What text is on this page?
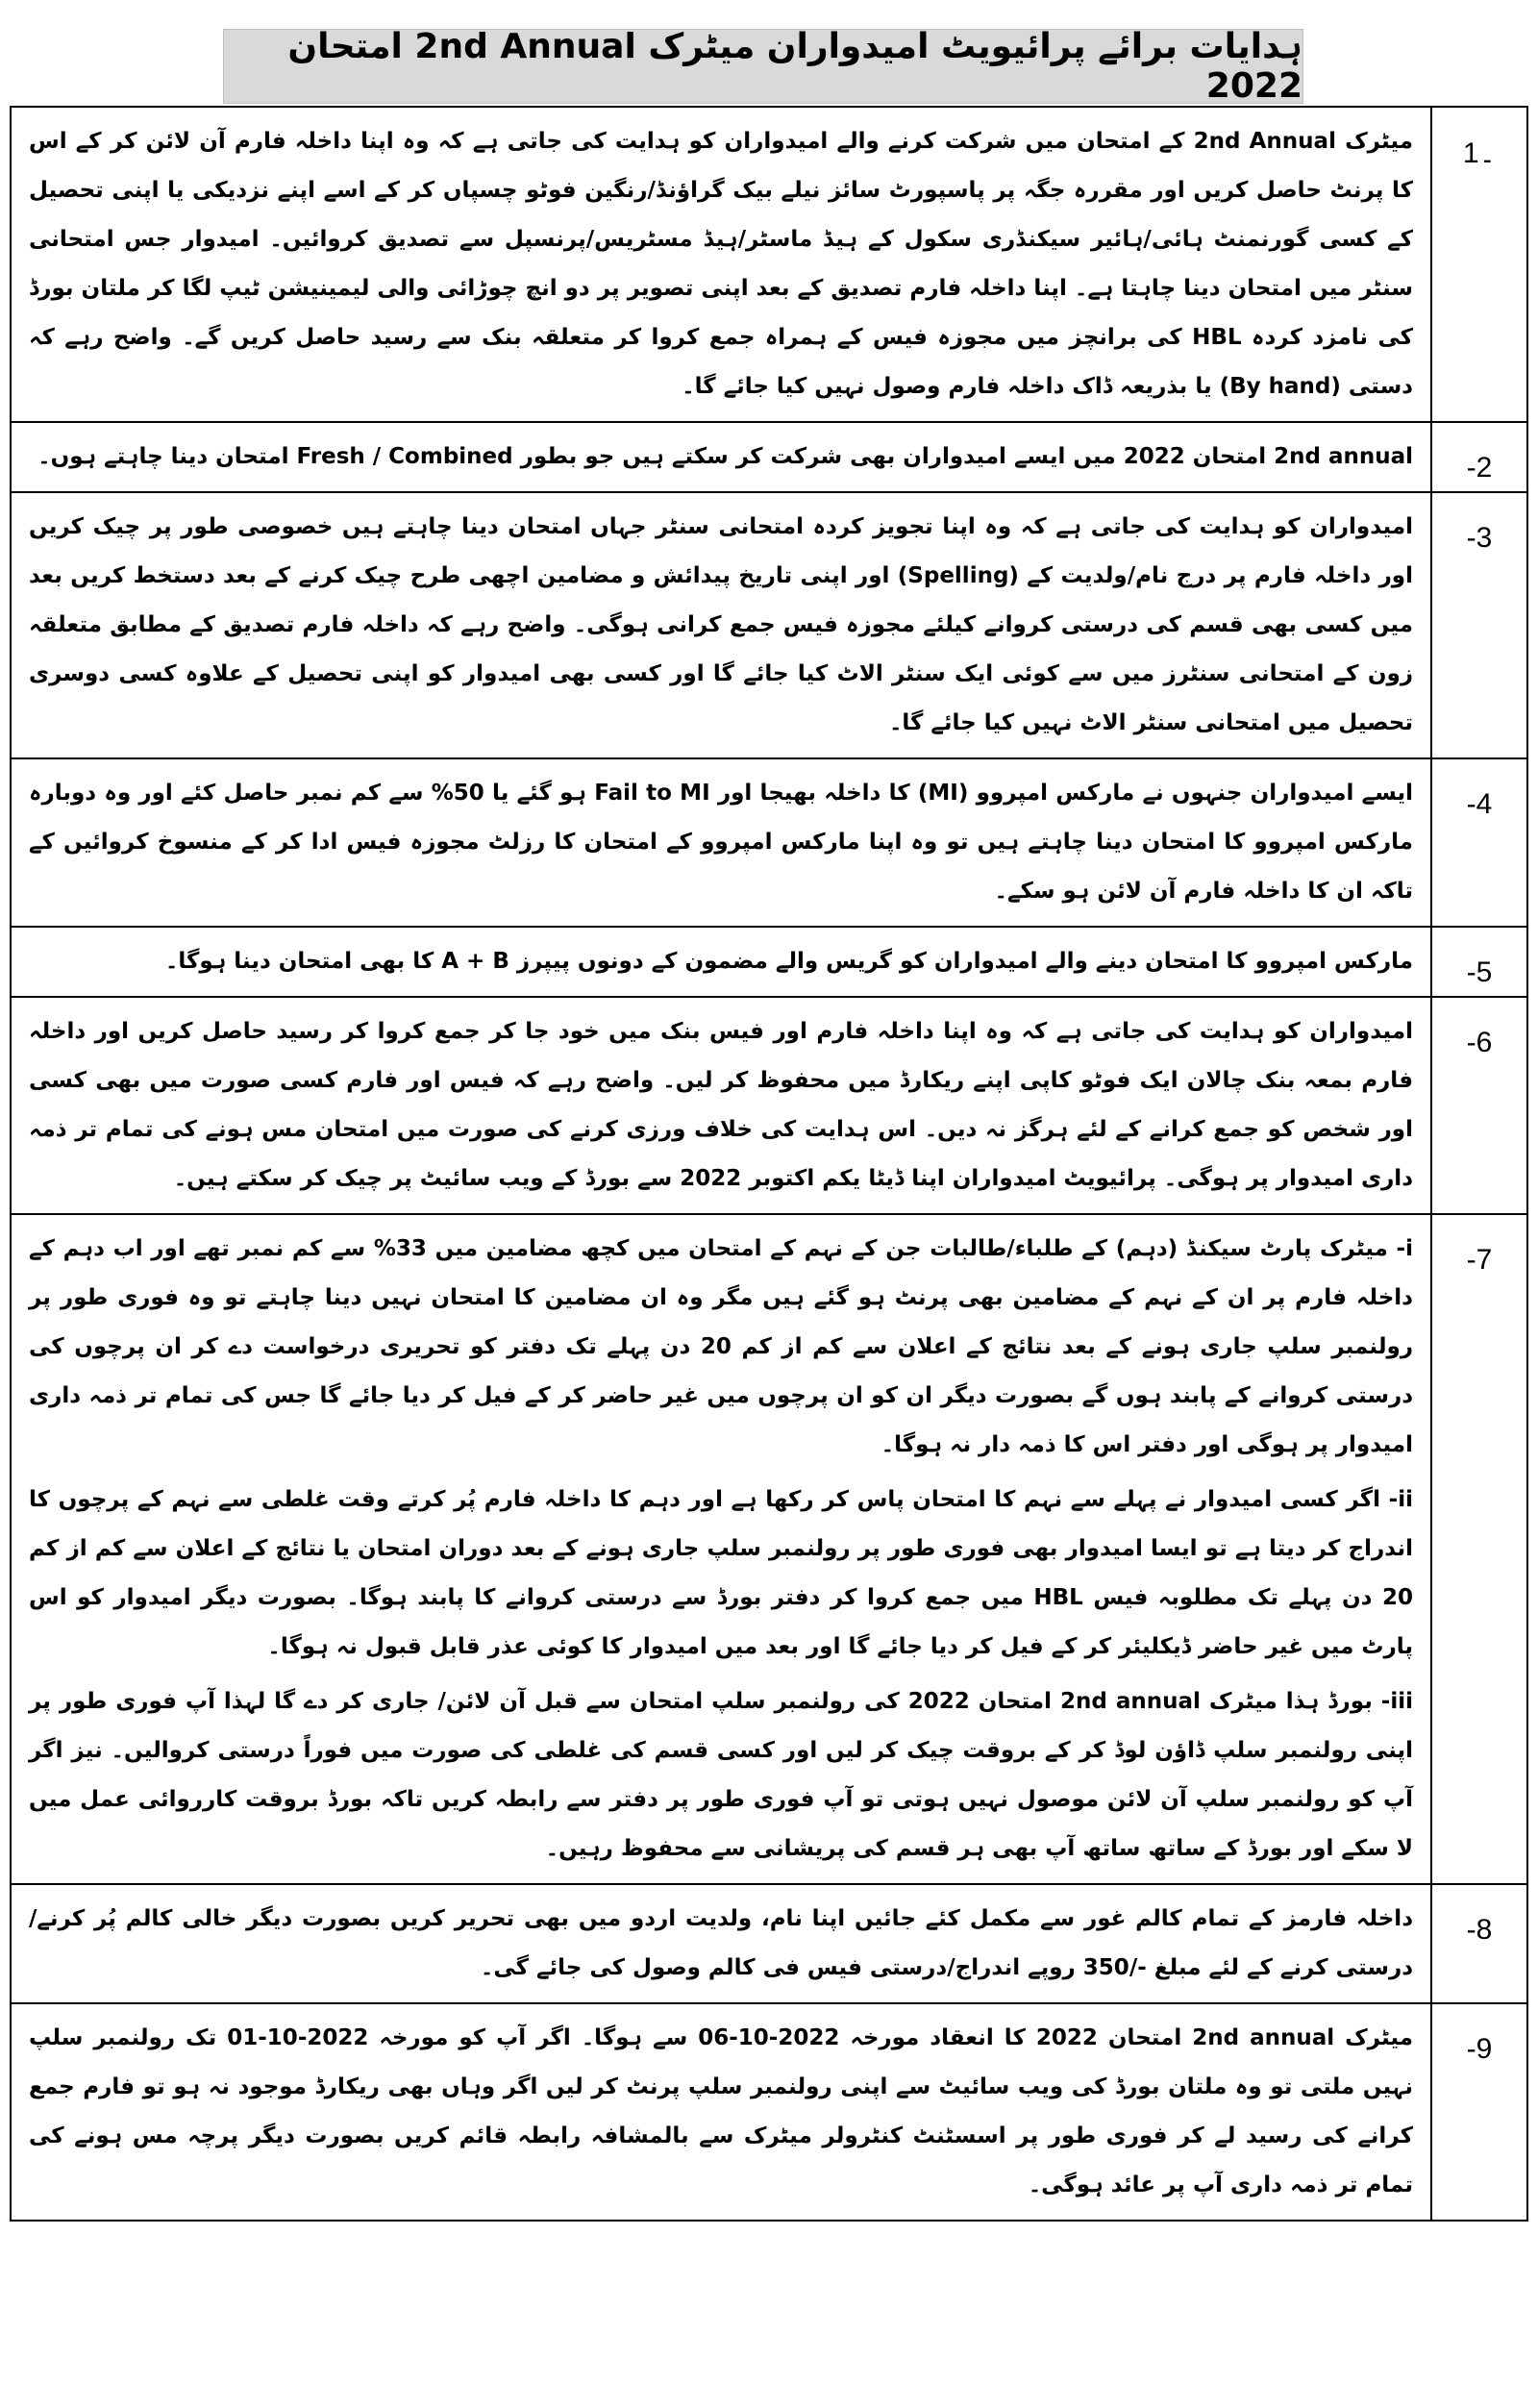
ہدایات برائے پرائیویٹ امیدواران میٹرک 2nd Annual امتحان 2022
میٹرک 2nd Annual کے امتحان میں شرکت کرنے والے امیدواران کو ہدایت کی جاتی ہے کہ وہ اپنا داخلہ فارم آن لائن کر کے اس کا پرنٹ حاصل کریں اور مقررہ جگہ پر پاسپورٹ سائز نیلے بیک گراؤنڈ/رنگین فوٹو چسپاں کر کے اسے اپنے نزدیکی یا اپنی تحصیل کے کسی گورنمنٹ ہائی/ہائیر سیکنڈری سکول کے ہیڈ ماسٹر/ہیڈ مسٹریس/پرنسپل سے تصدیق کروائیں۔ امیدوار جس امتحانی سنٹر میں امتحان دینا چاہتا ہے۔ اپنا داخلہ فارم تصدیق کے بعد اپنی تصویر پر دو انچ چوڑائی والی لیمینیشن ٹیپ لگا کر ملتان بورڈ کی نامزد کردہ HBL کی برانچز میں مجوزہ فیس کے ہمراہ جمع کروا کر متعلقہ بنک سے رسید حاصل کریں گے۔ واضح رہے کہ دستی (By hand) یا بذریعہ ڈاک داخلہ فارم وصول نہیں کیا جائے گا۔	1۔

2nd annual امتحان 2022 میں ایسے امیدواران بھی شرکت کر سکتے ہیں جو بطور Fresh / Combined امتحان دینا چاہتے ہوں۔	-2

امیدواران کو ہدایت کی جاتی ہے کہ وہ اپنا تجویز کردہ امتحانی سنٹر جہاں امتحان دینا چاہتے ہیں خصوصی طور پر چیک کریں اور داخلہ فارم پر درج نام/ولدیت کے (Spelling) اور اپنی تاریخ پیدائش و مضامین اچھی طرح چیک کرنے کے بعد دستخط کریں بعد میں کسی بھی قسم کی درستی کروانے کیلئے مجوزہ فیس جمع کرانی ہوگی۔ واضح رہے کہ داخلہ فارم تصدیق کے مطابق متعلقہ زون کے امتحانی سنٹرز میں سے کوئی ایک سنٹر الاٹ کیا جائے گا اور کسی بھی امیدوار کو اپنی تحصیل کے علاوہ کسی دوسری تحصیل میں امتحانی سنٹر الاٹ نہیں کیا جائے گا۔	-3

ایسے امیدواران جنہوں نے مارکس امپروو (MI) کا داخلہ بھیجا اور Fail to MI ہو گئے یا 50% سے کم نمبر حاصل کئے اور وہ دوبارہ مارکس امپروو کا امتحان دینا چاہتے ہیں تو وہ اپنا مارکس امپروو کے امتحان کا رزلٹ مجوزہ فیس ادا کر کے منسوخ کروائیں کے تاکہ ان کا داخلہ فارم آن لائن ہو سکے۔	-4

مارکس امپروو کا امتحان دینے والے امیدواران کو گریس والے مضمون کے دونوں پیپرز A + B کا بھی امتحان دینا ہوگا۔	-5

امیدواران کو ہدایت کی جاتی ہے کہ وہ اپنا داخلہ فارم اور فیس بنک میں خود جا کر جمع کروا کر رسید حاصل کریں اور داخلہ فارم بمعہ بنک چالان ایک فوٹو کاپی اپنے ریکارڈ میں محفوظ کر لیں۔ واضح رہے کہ فیس اور فارم کسی صورت میں بھی کسی اور شخص کو جمع کرانے کے لئے ہرگز نہ دیں۔ اس ہدایت کی خلاف ورزی کرنے کی صورت میں امتحان مس ہونے کی تمام تر ذمہ داری امیدوار پر ہوگی۔ پرائیویٹ امیدواران اپنا ڈیٹا یکم اکتوبر 2022 سے بورڈ کے ویب سائیٹ پر چیک کر سکتے ہیں۔	-6

i- میٹرک پارٹ سیکنڈ (دہم) کے طلباء/طالبات جن کے نہم کے امتحان میں کچھ مضامین میں 33% سے کم نمبر تھے اور اب دہم کے داخلہ فارم پر ان کے نہم کے مضامین بھی پرنٹ ہو گئے ہیں مگر وہ ان مضامین کا امتحان نہیں دینا چاہتے تو وہ فوری طور پر رولنمبر سلپ جاری ہونے کے بعد نتائج کے اعلان سے کم از کم 20 دن پہلے تک دفتر کو تحریری درخواست دے کر ان پرچوں کی درستی کروانے کے پابند ہوں گے بصورت دیگر ان کو ان پرچوں میں غیر حاضر کر کے فیل کر دیا جائے گا جس کی تمام تر ذمہ داری امیدوار پر ہوگی اور دفتر اس کا ذمہ دار نہ ہوگا۔
ii- اگر کسی امیدوار نے پہلے سے نہم کا امتحان پاس کر رکھا ہے اور دہم کا داخلہ فارم پُر کرتے وقت غلطی سے نہم کے پرچوں کا اندراج کر دیتا ہے تو ایسا امیدوار بھی فوری طور پر رولنمبر سلپ جاری ہونے کے بعد دوران امتحان یا نتائج کے اعلان سے کم از کم 20 دن پہلے تک مطلوبہ فیس HBL میں جمع کروا کر دفتر بورڈ سے درستی کروانے کا پابند ہوگا۔ بصورت دیگر امیدوار کو اس پارٹ میں غیر حاضر ڈیکلیئر کر کے فیل کر دیا جائے گا اور بعد میں امیدوار کا کوئی عذر قابل قبول نہ ہوگا۔
iii- بورڈ ہذا میٹرک 2nd annual امتحان 2022 کی رولنمبر سلپ امتحان سے قبل آن لائن/ جاری کر دے گا لہذا آپ فوری طور پر اپنی رولنمبر سلپ ڈاؤن لوڈ کر کے بروقت چیک کر لیں اور کسی قسم کی غلطی کی صورت میں فوراً درستی کروالیں۔ نیز اگر آپ کو رولنمبر سلپ آن لائن موصول نہیں ہوتی تو آپ فوری طور پر دفتر سے رابطہ کریں تاکہ بورڈ بروقت کارروائی عمل میں لا سکے اور بورڈ کے ساتھ ساتھ آپ بھی ہر قسم کی پریشانی سے محفوظ رہیں۔	-7

داخلہ فارمز کے تمام کالم غور سے مکمل کئے جائیں اپنا نام، ولدیت اردو میں بھی تحریر کریں بصورت دیگر خالی کالم پُر کرنے/درستی کرنے کے لئے مبلغ -/350 روپے اندراج/درستی فیس فی کالم وصول کی جائے گی۔	-8

میٹرک 2nd annual امتحان 2022 کا انعقاد مورخہ 2022-10-06 سے ہوگا۔ اگر آپ کو مورخہ 2022-10-01 تک رولنمبر سلپ نہیں ملتی تو وہ ملتان بورڈ کی ویب سائیٹ سے اپنی رولنمبر سلپ پرنٹ کر لیں اگر وہاں بھی ریکارڈ موجود نہ ہو تو فارم جمع کرانے کی رسید لے کر فوری طور پر اسسٹنٹ کنٹرولر میٹرک سے بالمشافہ رابطہ قائم کریں بصورت دیگر پرچہ مس ہونے کی تمام تر ذمہ داری آپ پر عائد ہوگی۔	-9
